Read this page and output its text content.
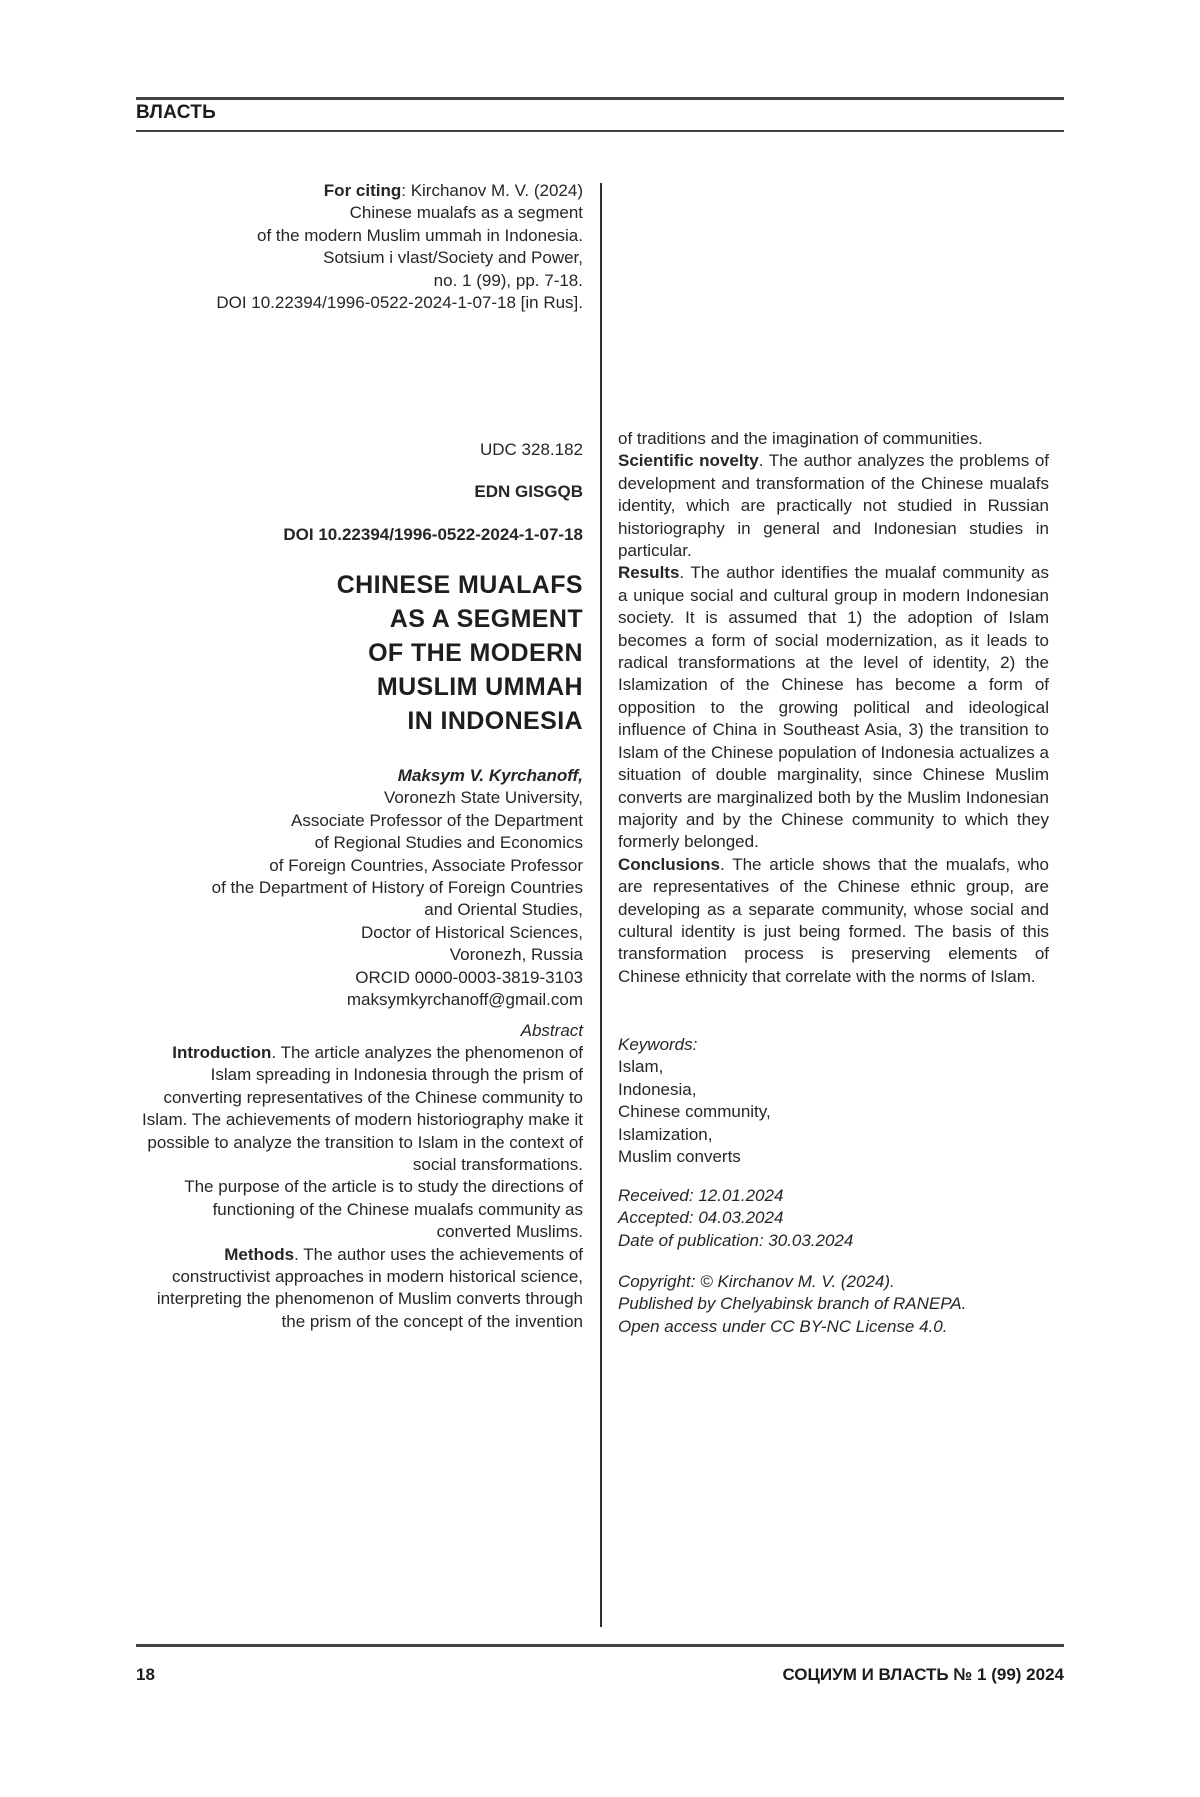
ВЛАСТЬ
For citing: Kirchanov M. V. (2024)
Chinese mualafs as a segment
of the modern Muslim ummah in Indonesia.
Sotsium i vlast/Society and Power,
no. 1 (99), pp. 7-18.
DOI 10.22394/1996-0522-2024-1-07-18 [in Rus].
UDC 328.182
EDN GISGQB
DOI 10.22394/1996-0522-2024-1-07-18
CHINESE MUALAFS
AS A SEGMENT
OF THE MODERN
MUSLIM UMMAH
IN INDONESIA
Maksym V. Kyrchanoff,
Voronezh State University,
Associate Professor of the Department
of Regional Studies and Economics
of Foreign Countries, Associate Professor
of the Department of History of Foreign Countries
and Oriental Studies,
Doctor of Historical Sciences,
Voronezh, Russia
ORCID 0000-0003-3819-3103
maksymkyrchanoff@gmail.com
Abstract

Introduction. The article analyzes the phenomenon of Islam spreading in Indonesia through the prism of converting representatives of the Chinese community to Islam. The achievements of modern historiography make it possible to analyze the transition to Islam in the context of social transformations.

The purpose of the article is to study the directions of functioning of the Chinese mualafs community as converted Muslims.

Methods. The author uses the achievements of constructivist approaches in modern historical science, interpreting the phenomenon of Muslim converts through the prism of the concept of the invention

of traditions and the imagination of communities.

Scientific novelty. The author analyzes the problems of development and transformation of the Chinese mualafs identity, which are practically not studied in Russian historiography in general and Indonesian studies in particular.

Results. The author identifies the mualaf community as a unique social and cultural group in modern Indonesian society. It is assumed that 1) the adoption of Islam becomes a form of social modernization, as it leads to radical transformations at the level of identity, 2) the Islamization of the Chinese has become a form of opposition to the growing political and ideological influence of China in Southeast Asia, 3) the transition to Islam of the Chinese population of Indonesia actualizes a situation of double marginality, since Chinese Muslim converts are marginalized both by the Muslim Indonesian majority and by the Chinese community to which they formerly belonged.

Conclusions. The article shows that the mualafs, who are representatives of the Chinese ethnic group, are developing as a separate community, whose social and cultural identity is just being formed. The basis of this transformation process is preserving elements of Chinese ethnicity that correlate with the norms of Islam.

Keywords:
Islam,
Indonesia,
Chinese community,
Islamization,
Muslim converts
Received: 12.01.2024
Accepted: 04.03.2024
Date of publication: 30.03.2024
Copyright: © Kirchanov M. V. (2024).
Published by Chelyabinsk branch of RANEPA.
Open access under CC BY-NC License 4.0.
18	СОЦИУМ И ВЛАСТЬ № 1 (99) 2024
